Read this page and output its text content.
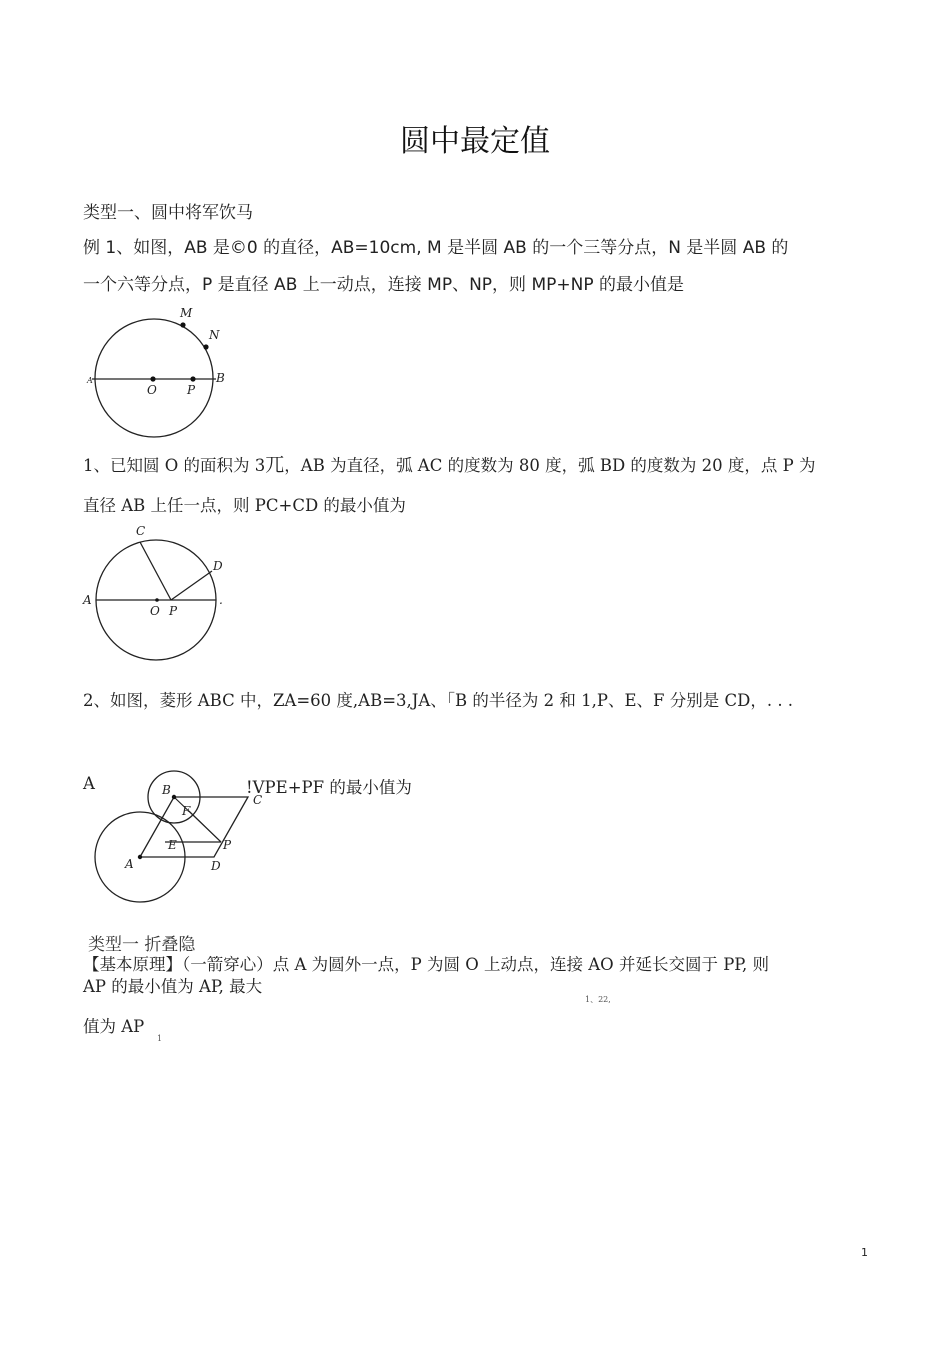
圆中最定值
类型一、圆中将军饮马
例 1、如图，AB 是©0 的直径，AB=10cm, M 是半圆 AB 的一个三等分点，N 是半圆 AB 的
一个六等分点，P 是直径 AB 上一动点，连接 MP、NP，则 MP+NP 的最小值是
A
O	P
B
M
N
1、已知圆 O 的面积为 3兀，AB 为直径，弧 AC 的度数为 80 度，弧 BD 的度数为 20 度，点 P 为
直径 AB 上任一点，则 PC+CD 的最小值为
A
O P
C
D
.
2、如图，菱形 ABC 中，ZA=60 度,AB=3,JA、「B 的半径为 2 和 1,P、E、F 分别是 CD，. . .
A	!VPE+PF 的最小值为
A
B
C
D
E
F
P
类型一 折叠隐
【基本原理】（一箭穿心）点 A 为圆外一点，P 为圆 O 上动点，连接 AO 并延长交圆于 PP, 则
AP 的最小值为 AP, 最大
1、22,
值为 AP
1
1
